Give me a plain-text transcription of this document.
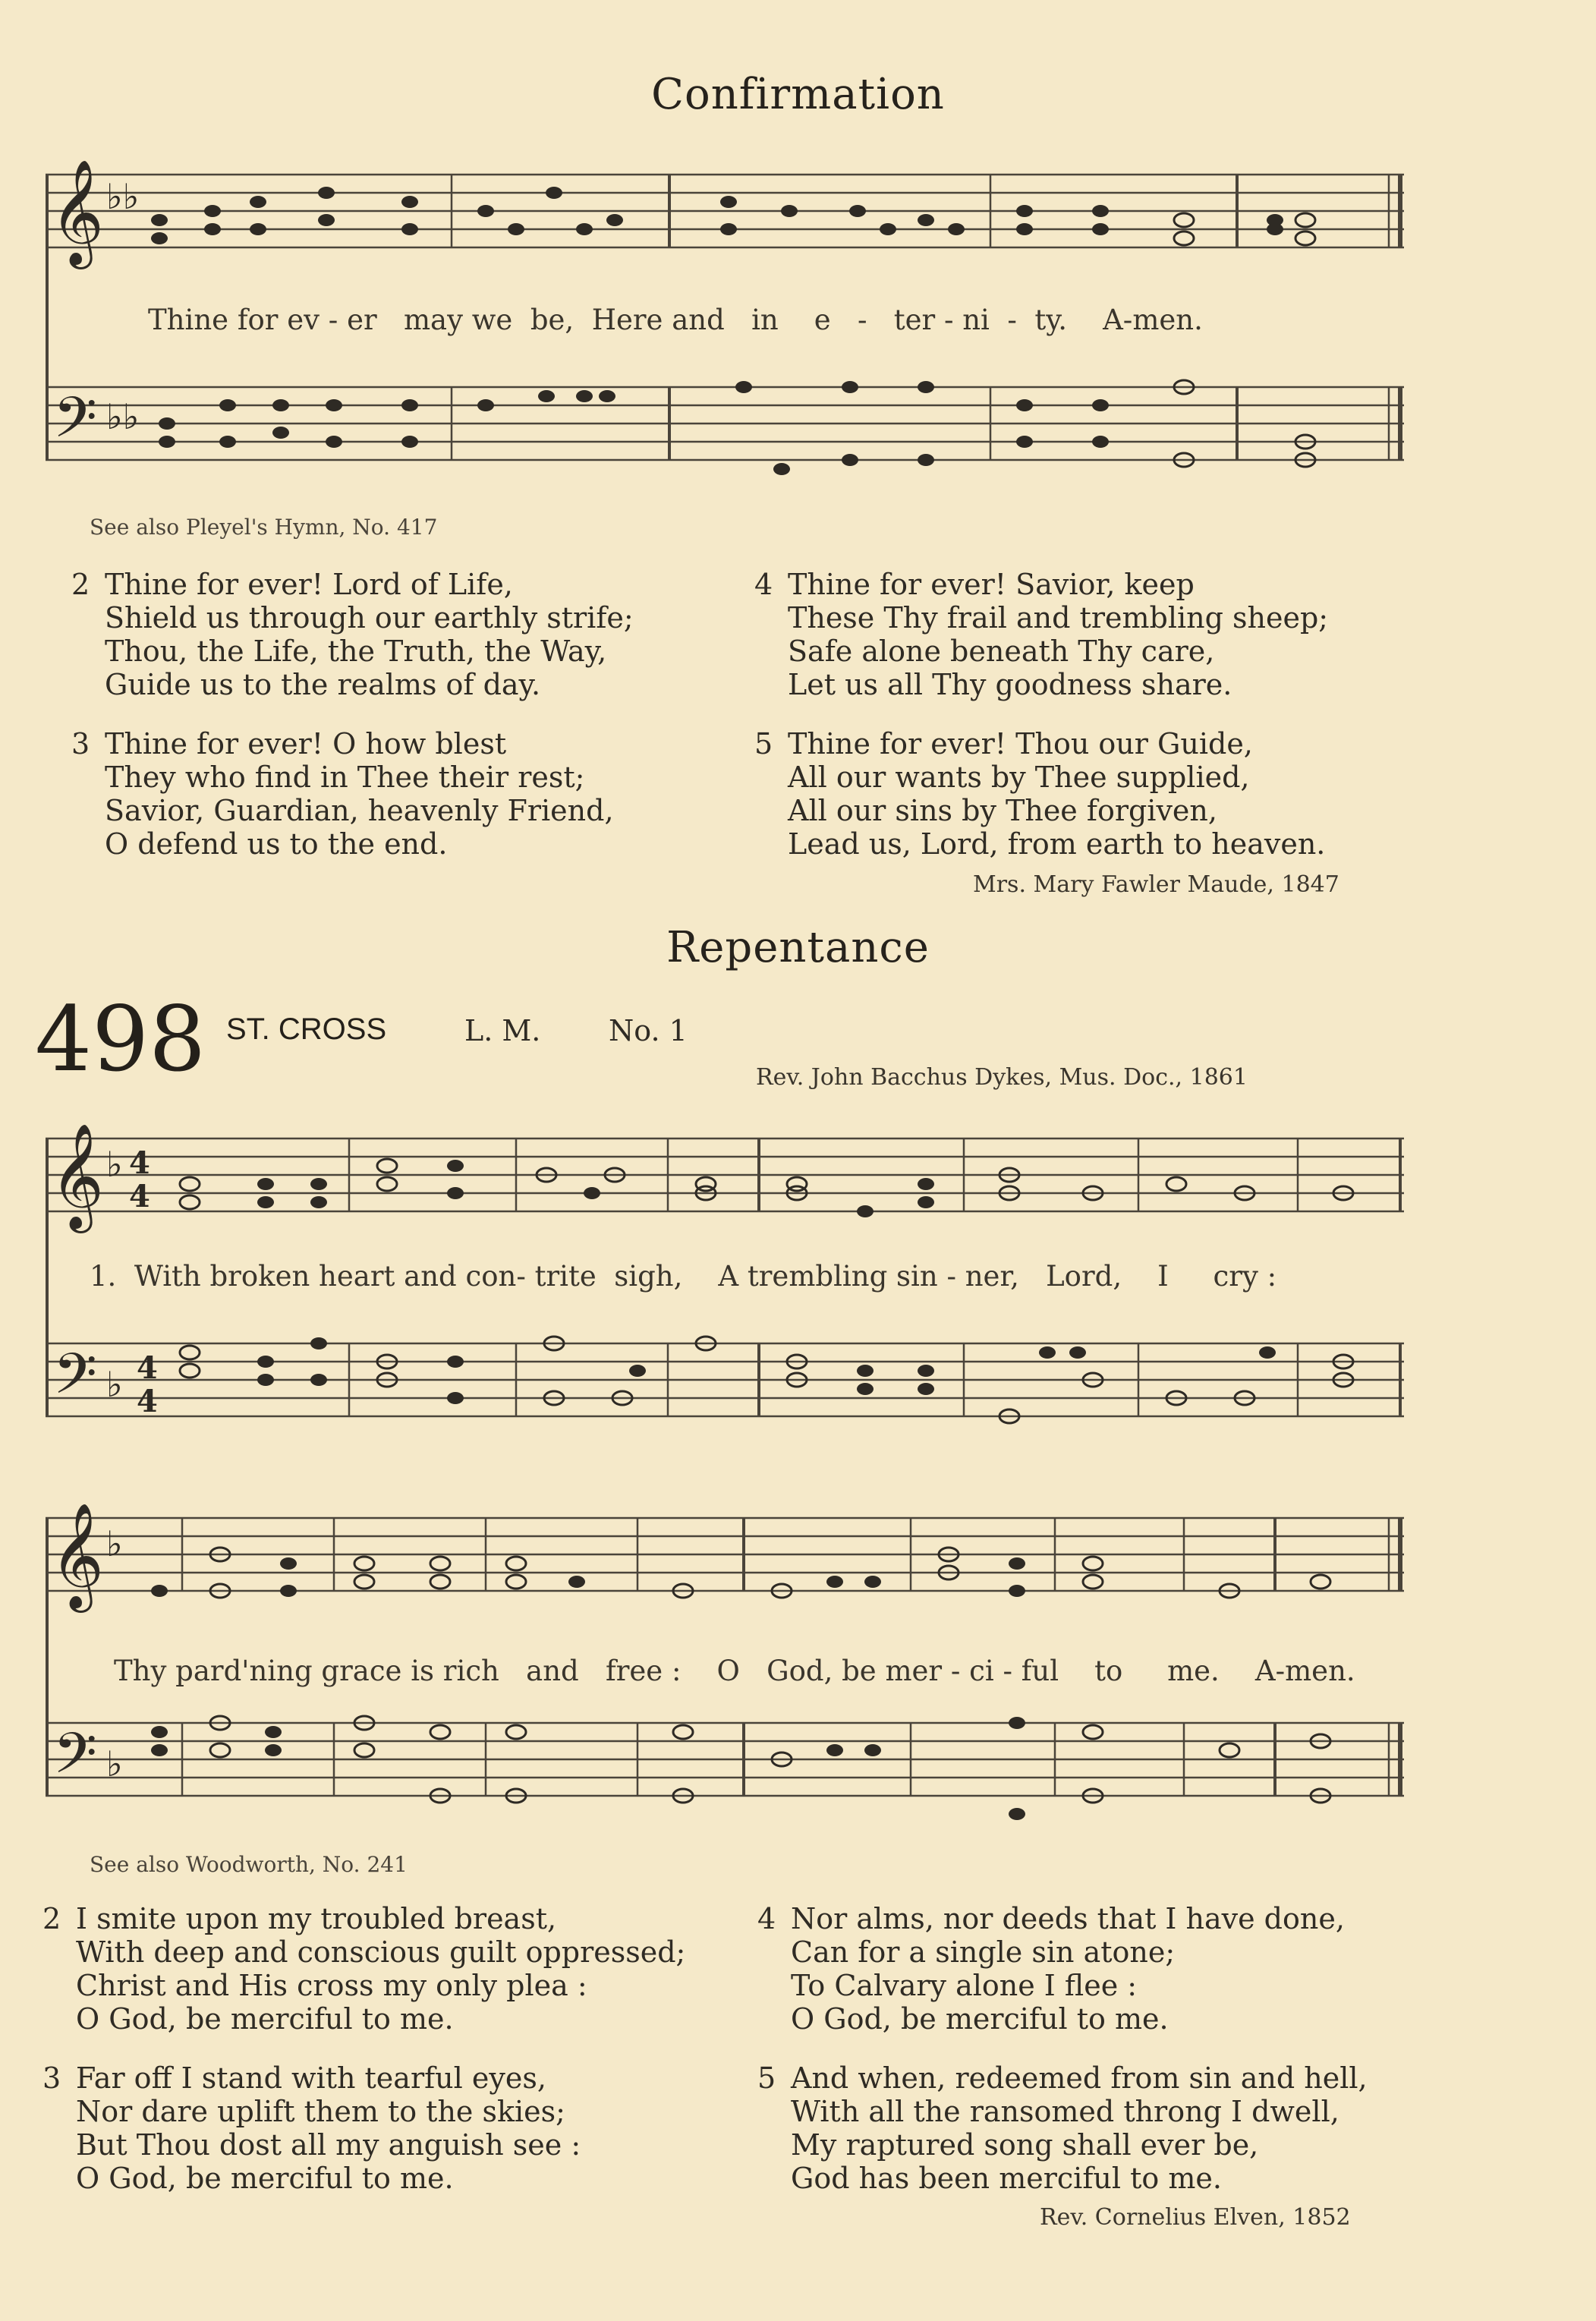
Confirmation
𝄞
𝄢
♭♭
♭♭
Thine for ev - er   may we  be,  Here and   in    e   -   ter - ni  -  ty.    A-men.
See also Pleyel's Hymn, No. 417
2 Thine for ever! Lord of Life,
Shield us through our earthly strife;
Thou, the Life, the Truth, the Way,
Guide us to the realms of day.
3 Thine for ever! O how blest
They who find in Thee their rest;
Savior, Guardian, heavenly Friend,
O defend us to the end.
4 Thine for ever! Savior, keep
These Thy frail and trembling sheep;
Safe alone beneath Thy care,
Let us all Thy goodness share.
5 Thine for ever! Thou our Guide,
All our wants by Thee supplied,
All our sins by Thee forgiven,
Lead us, Lord, from earth to heaven.
Mrs. Mary Fawler Maude, 1847
Repentance
498 ST. CROSS	L. M. No. 1
Rev. John Bacchus Dykes, Mus. Doc., 1861
𝄞
𝄢
♭
♭
4
4
4
4
1.  With broken heart and con- trite  sigh,    A trembling sin - ner,   Lord,    I     cry :
𝄞
𝄢
♭
♭
Thy pard'ning grace is rich   and   free :    O   God, be mer - ci - ful    to     me.    A-men.
See also Woodworth, No. 241
2 I smite upon my troubled breast,
With deep and conscious guilt oppressed;
Christ and His cross my only plea :
O God, be merciful to me.
3 Far off I stand with tearful eyes,
Nor dare uplift them to the skies;
But Thou dost all my anguish see :
O God, be merciful to me.
4 Nor alms, nor deeds that I have done,
Can for a single sin atone;
To Calvary alone I flee :
O God, be merciful to me.
5 And when, redeemed from sin and hell,
With all the ransomed throng I dwell,
My raptured song shall ever be,
God has been merciful to me.
Rev. Cornelius Elven, 1852
